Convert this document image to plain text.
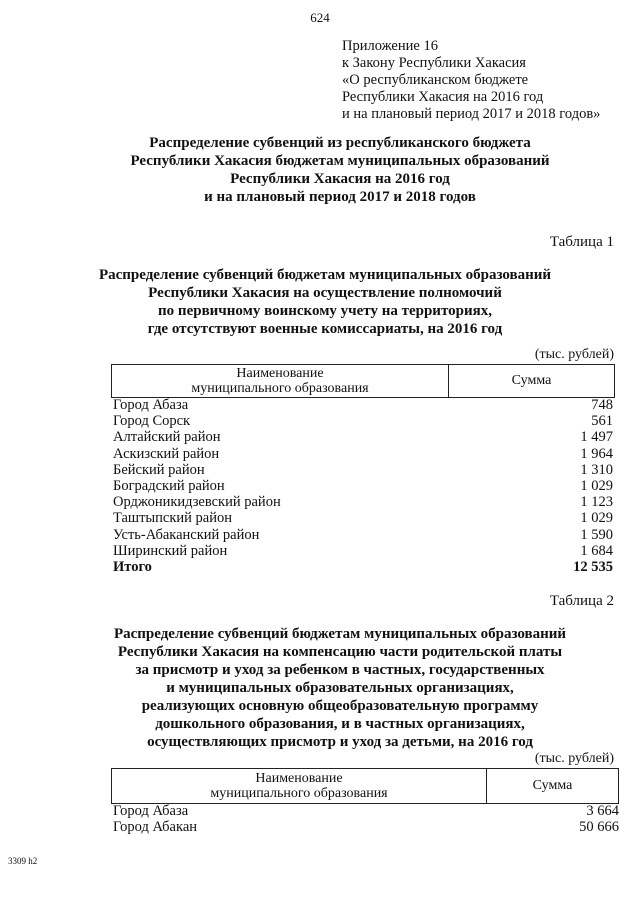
624
Приложение 16
к Закону Республики Хакасия
«О республиканском бюджете
Республики Хакасия на 2016 год
и на плановый период 2017 и 2018 годов»
Распределение субвенций из республиканского бюджета
Республики Хакасия бюджетам муниципальных образований
Республики Хакасия на 2016 год
и на плановый период 2017 и 2018 годов
Таблица 1
Распределение субвенций бюджетам муниципальных образований
Республики Хакасия на осуществление полномочий
по первичному воинскому учету на территориях,
где отсутствуют военные комиссариаты, на 2016 год
(тыс. рублей)
Наименование
муниципального образования
Сумма
Город Абаза	748
Город Сорск	561
Алтайский район	1 497
Аскизский район	1 964
Бейский район	1 310
Боградский район	1 029
Орджоникидзевский район	1 123
Таштыпский район	1 029
Усть-Абаканский район	1 590
Ширинский район	1 684
Итого	12 535
Таблица 2
Распределение субвенций бюджетам муниципальных образований
Республики Хакасия на компенсацию части родительской платы
за присмотр и уход за ребенком в частных, государственных
и муниципальных образовательных организациях,
реализующих основную общеобразовательную программу
дошкольного образования, и в частных организациях,
осуществляющих присмотр и уход за детьми, на 2016 год
(тыс. рублей)
Наименование
муниципального образования
Сумма
Город Абаза	3 664
Город Абакан	50 666
3309 h2
